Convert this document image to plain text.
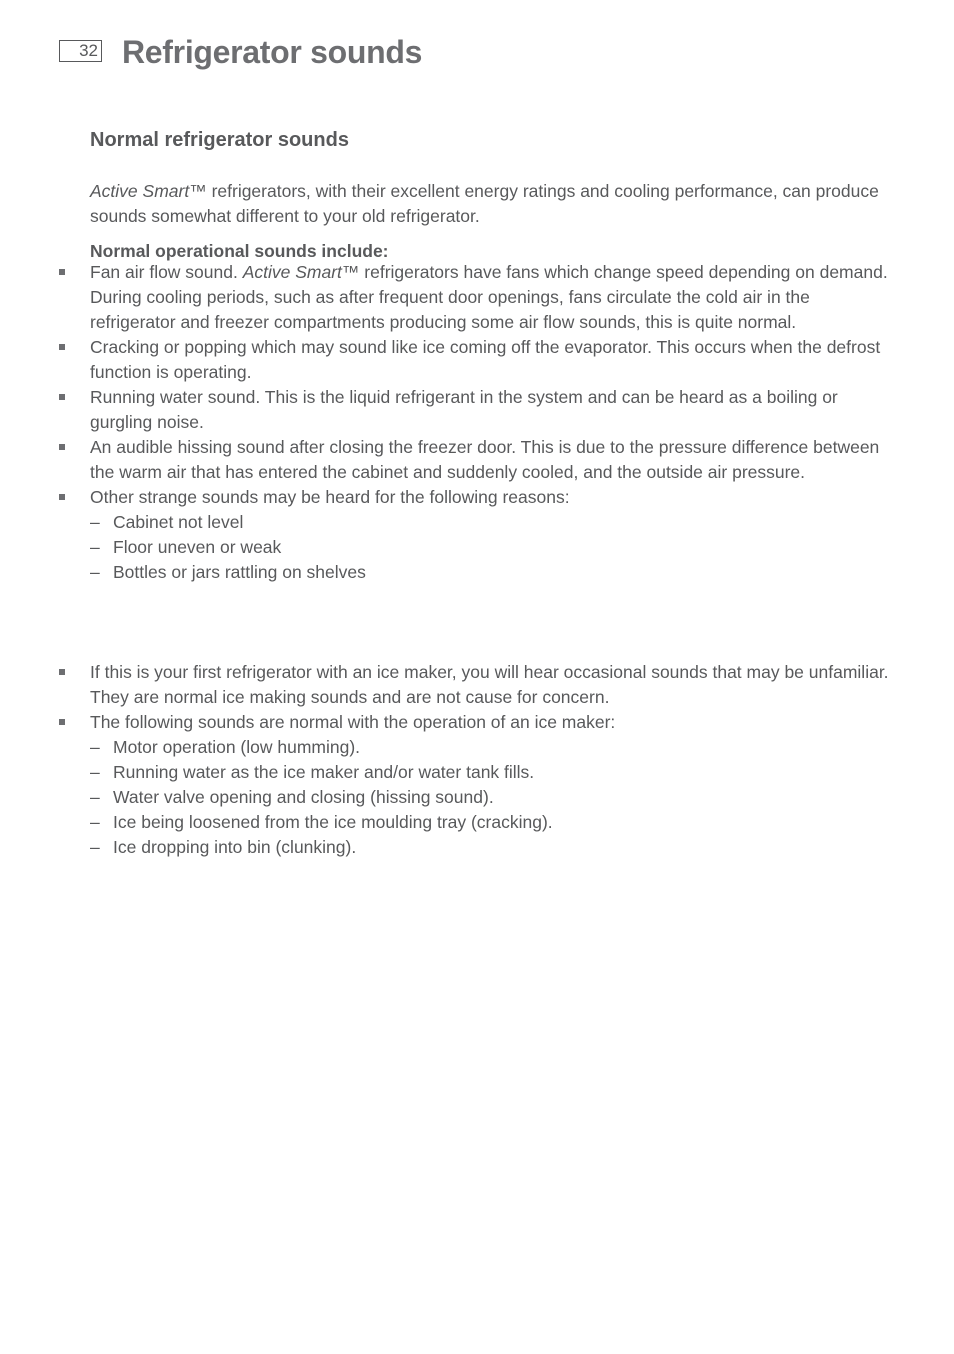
32 Refrigerator sounds
Normal refrigerator sounds

Active Smart™ refrigerators, with their excellent energy ratings and cooling performance, can produce sounds somewhat different to your old refrigerator.

Normal operational sounds include:

Fan air flow sound. Active Smart™ refrigerators have fans which change speed depending on demand. During cooling periods, such as after frequent door openings, fans circulate the cold air in the refrigerator and freezer compartments producing some air flow sounds, this is quite normal.
Cracking or popping which may sound like ice coming off the evaporator. This occurs when the defrost function is operating.
Running water sound. This is the liquid refrigerant in the system and can be heard as a boiling or gurgling noise.
An audible hissing sound after closing the freezer door. This is due to the pressure difference between the warm air that has entered the cabinet and suddenly cooled, and the outside air pressure.
Other strange sounds may be heard for the following reasons:
– Cabinet not level
– Floor uneven or weak
– Bottles or jars rattling on shelves
If this is your first refrigerator with an ice maker, you will hear occasional sounds that may be unfamiliar. They are normal ice making sounds and are not cause for concern.
The following sounds are normal with the operation of an ice maker:
– Motor operation (low humming).
– Running water as the ice maker and/or water tank fills.
– Water valve opening and closing (hissing sound).
– Ice being loosened from the ice moulding tray (cracking).
– Ice dropping into bin (clunking).
